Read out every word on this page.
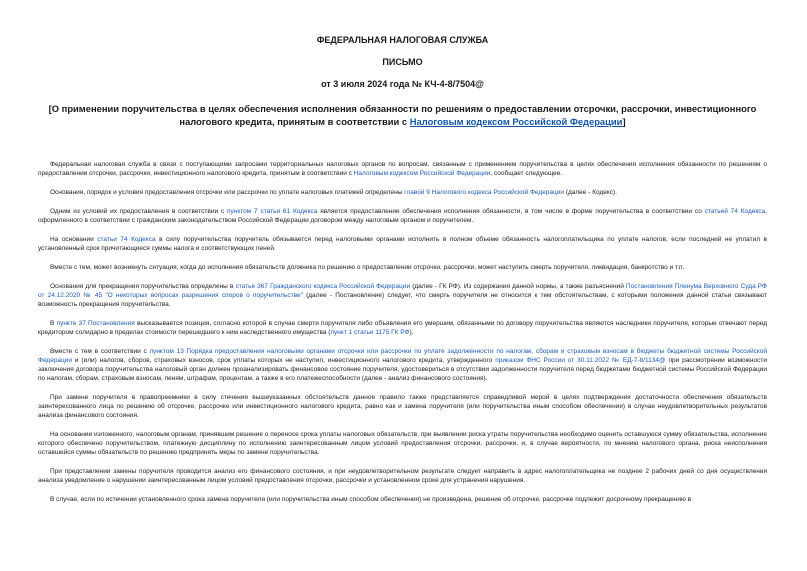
ФЕДЕРАЛЬНАЯ НАЛОГОВАЯ СЛУЖБА

ПИСЬМО

от 3 июля 2024 года № КЧ-4-8/7504@

[О применении поручительства в целях обеспечения исполнения обязанности по решениям о предоставлении отсрочки, рассрочки, инвестиционного налогового кредита, принятым в соответствии с Налоговым кодексом Российской Федерации]

Федеральная налоговая служба в связи с поступающими запросами территориальных налоговых органов по вопросам, связанным с применением поручительства в целях обеспечения исполнения обязанности по решениям о предоставлении отсрочки, рассрочки, инвестиционного налогового кредита, принятым в соответствии с Налоговым кодексом Российской Федерации, сообщает следующее.

Основания, порядок и условия предоставления отсрочки или рассрочки по уплате налоговых платежей определены главой 9 Налогового кодекса Российской Федерации (далее - Кодекс).

Одним из условий их предоставления в соответствии с пунктом 7 статьи 61 Кодекса является предоставление обеспечения исполнения обязанности, в том числе в форме поручительства в соответствии со статьей 74 Кодекса, оформленного в соответствии с гражданским законодательством Российской Федерации договором между налоговым органом и поручителем.

На основании статьи 74 Кодекса в силу поручительства поручитель обязывается перед налоговыми органами исполнить в полном объеме обязанность налогоплательщика по уплате налогов, если последний не уплатил в установленный срок причитающиеся суммы налога и соответствующих пеней.

Вместе с тем, может возникнуть ситуация, когда до исполнения обязательств должника по решению о предоставлении отсрочки, рассрочки, может наступить смерть поручителя, ликвидация, банкротство и т.п.

Основания для прекращения поручительства определены в статье 367 Гражданского кодекса Российской Федерации (далее - ГК РФ). Из содержания данной нормы, а также разъяснений Постановления Пленума Верховного Суда РФ от 24.12.2020 № 45 "О некоторых вопросах разрешения споров о поручительстве" (далее - Постановление) следует, что смерть поручителя не относится к тем обстоятельствам, с которыми положения данной статьи связывают возможность прекращения поручительства.

В пункте 37 Постановления высказывается позиция, согласно которой в случае смерти поручителя либо объявления его умершим, обязанными по договору поручительства являются наследники поручителя, которые отвечают перед кредитором солидарно в пределах стоимости перешедшего к ним наследственного имущества (пункт 1 статьи 1175 ГК РФ).

Вместе с тем в соответствии с пунктом 13 Порядка предоставления налоговыми органами отсрочки или рассрочки по уплате задолженности по налогам, сборам и страховым взносам в бюджеты бюджетной системы Российской Федерации и (или) налогов, сборов, страховых взносов, срок уплаты которых не наступил, инвестиционного налогового кредита, утвержденного приказом ФНС России от 30.11.2022 № ЕД-7-8/1134@ при рассмотрении возможности заключения договора поручительства налоговый орган должен проанализировать финансовое состояние поручителя, удостовериться в отсутствии задолженности поручителя перед бюджетами бюджетной системы Российской Федерации по налогам, сборам, страховым взносам, пеням, штрафам, процентам, а также в его платежеспособности (далее - анализ финансового состояния).

При замене поручителя в правопреемники в силу стечения вышеуказанных обстоятельств данное правило также представляется справедливой мерой в целях подтверждения достаточности обеспечения обязательств заинтересованного лица по решению об отсрочке, рассрочке или инвестиционного налогового кредита, равно как и замена поручителя (или поручительства иным способом обеспечения) в случае неудовлетворительных результатов анализа финансового состояния.

На основании изложенного, налоговым органам, принявшим решение о переносе срока уплаты налоговых обязательств, при выявлении риска утраты поручительства необходимо оценить оставшуюся сумму обязательства, исполнение которого обеспечено поручительством, платежную дисциплину по исполнению заинтересованным лицом условий предоставления отсрочки, рассрочки, и, в случае вероятности, по мнению налогового органа, риска неисполнения оставшейся суммы обязательств по решению предпринять меры по замене поручительства.

При представлении замены поручителя проводится анализ его финансового состояния, и при неудовлетворительном результате следует направить в адрес налогоплательщика не позднее 2 рабочих дней со дня осуществления анализа уведомление о нарушении заинтересованным лицом условий предоставления отсрочки, рассрочки и установленном сроке для устранения нарушения.

В случае, если по истечении установленного срока замена поручителя (или поручительства иным способом обеспечения) не произведена, решение об отсрочке, рассрочке подлежит досрочному прекращению в
